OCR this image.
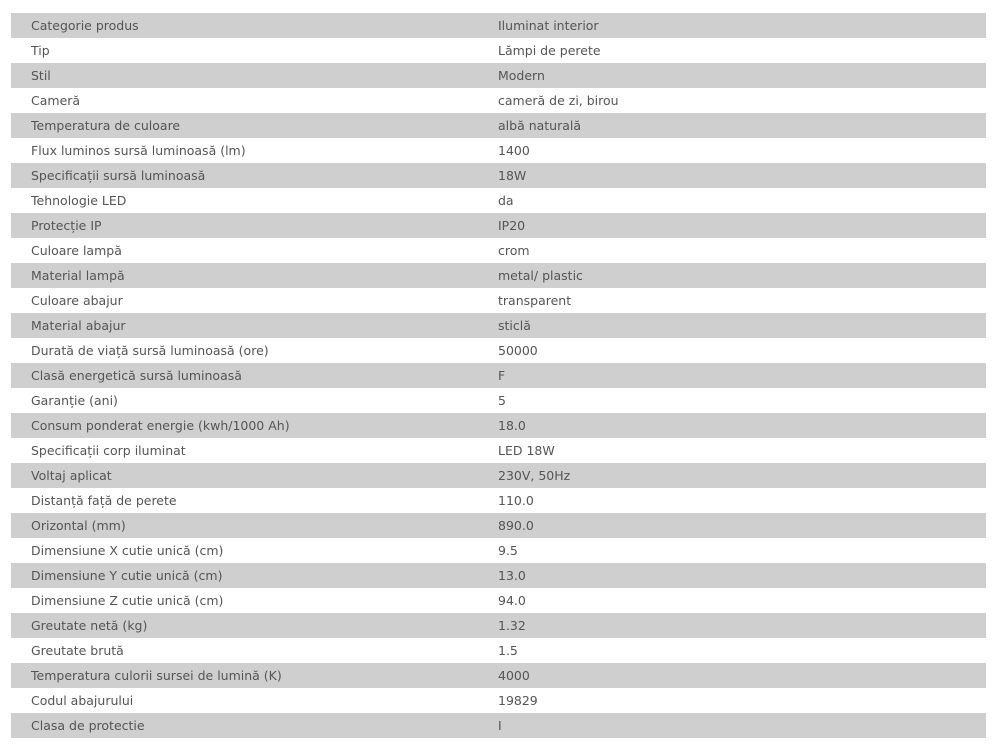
Categorie produs	Iluminat interior
Tip	Lămpi de perete
Stil	Modern
Cameră	cameră de zi, birou
Temperatura de culoare	albă naturală
Flux luminos sursă luminoasă (lm)	1400
Specificații sursă luminoasă	18W
Tehnologie LED	da
Protecție IP	IP20
Culoare lampă	crom
Material lampă	metal/ plastic
Culoare abajur	transparent
Material abajur	sticlă
Durată de viață sursă luminoasă (ore)	50000
Clasă energetică sursă luminoasă	F
Garanție (ani)	5
Consum ponderat energie (kwh/1000 Ah)	18.0
Specificații corp iluminat	LED 18W
Voltaj aplicat	230V, 50Hz
Distanță față de perete	110.0
Orizontal (mm)	890.0
Dimensiune X cutie unică (cm)	9.5
Dimensiune Y cutie unică (cm)	13.0
Dimensiune Z cutie unică (cm)	94.0
Greutate netă (kg)	1.32
Greutate brută	1.5
Temperatura culorii sursei de lumină (K)	4000
Codul abajurului	19829
Clasa de protectie	I
